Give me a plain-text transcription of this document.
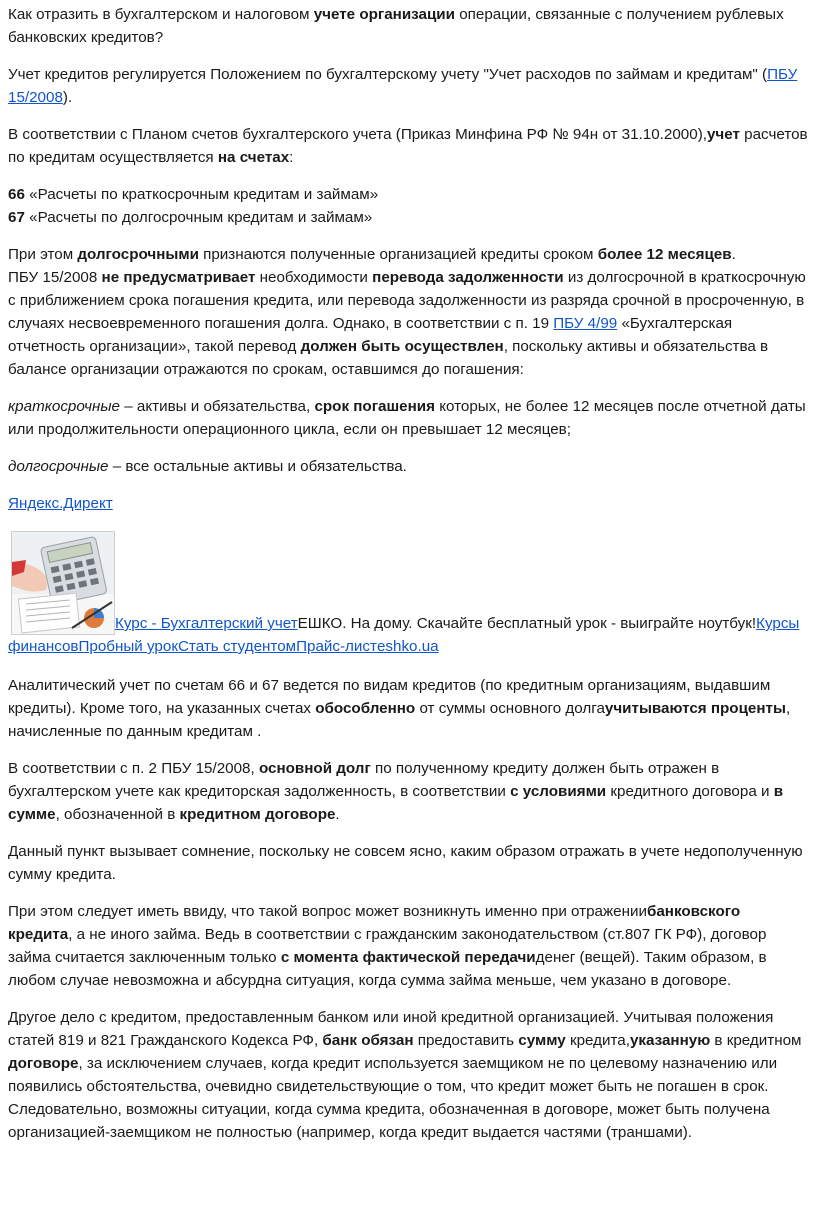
Как отразить в бухгалтерском и налоговом учете организации операции, связанные с получением рублевых банковских кредитов?

Учет кредитов регулируется Положением по бухгалтерскому учету "Учет расходов по займам и кредитам" (ПБУ 15/2008).

В соответствии с Планом счетов бухгалтерского учета (Приказ Минфина РФ № 94н от 31.10.2000),учет расчетов по кредитам осуществляется на счетах:

66 «Расчеты по краткосрочным кредитам и займам»
67 «Расчеты по долгосрочным кредитам и займам»

При этом долгосрочными признаются полученные организацией кредиты сроком более 12 месяцев.
ПБУ 15/2008 не предусматривает необходимости перевода задолженности из долгосрочной в краткосрочную с приближением срока погашения кредита, или перевода задолженности из разряда срочной в просроченную, в случаях несвоевременного погашения долга. Однако, в соответствии с п. 19 ПБУ 4/99 «Бухгалтерская отчетность организации», такой перевод должен быть осуществлен, поскольку активы и обязательства в балансе организации отражаются по срокам, оставшимся до погашения:

краткосрочные – активы и обязательства, срок погашения которых, не более 12 месяцев после отчетной даты или продолжительности операционного цикла, если он превышает 12 месяцев;

долгосрочные – все остальные активы и обязательства.

Яндекс.Директ

Курс - Бухгалтерский учетЕШКО. На дому. Скачайте бесплатный урок - выиграйте ноутбук!Курсы финансовПробный урокСтать студентомПрайс-листeshko.ua

Аналитический учет по счетам 66 и 67 ведется по видам кредитов (по кредитным организациям, выдавшим кредиты). Кроме того, на указанных счетах обособленно от суммы основного долгаучитываются проценты, начисленные по данным кредитам .

В соответствии с п. 2 ПБУ 15/2008, основной долг по полученному кредиту должен быть отражен в бухгалтерском учете как кредиторская задолженность, в соответствии с условиями кредитного договора и в сумме, обозначенной в кредитном договоре.

Данный пункт вызывает сомнение, поскольку не совсем ясно, каким образом отражать в учете недополученную сумму кредита.

При этом следует иметь ввиду, что такой вопрос может возникнуть именно при отражениибанковского кредита, а не иного займа. Ведь в соответствии с гражданским законодательством (ст.807 ГК РФ), договор займа считается заключенным только с момента фактической передачиденег (вещей). Таким образом, в любом случае невозможна и абсурдна ситуация, когда сумма займа меньше, чем указано в договоре.

Другое дело с кредитом, предоставленным банком или иной кредитной организацией. Учитывая положения статей 819 и 821 Гражданского Кодекса РФ, банк обязан предоставить сумму кредита,указанную в кредитном договоре, за исключением случаев, когда кредит используется заемщиком не по целевому назначению или появились обстоятельства, очевидно свидетельствующие о том, что кредит может быть не погашен в срок. Следовательно, возможны ситуации, когда сумма кредита, обозначенная в договоре, может быть получена организацией-заемщиком не полностью (например, когда кредит выдается частями (траншами).
